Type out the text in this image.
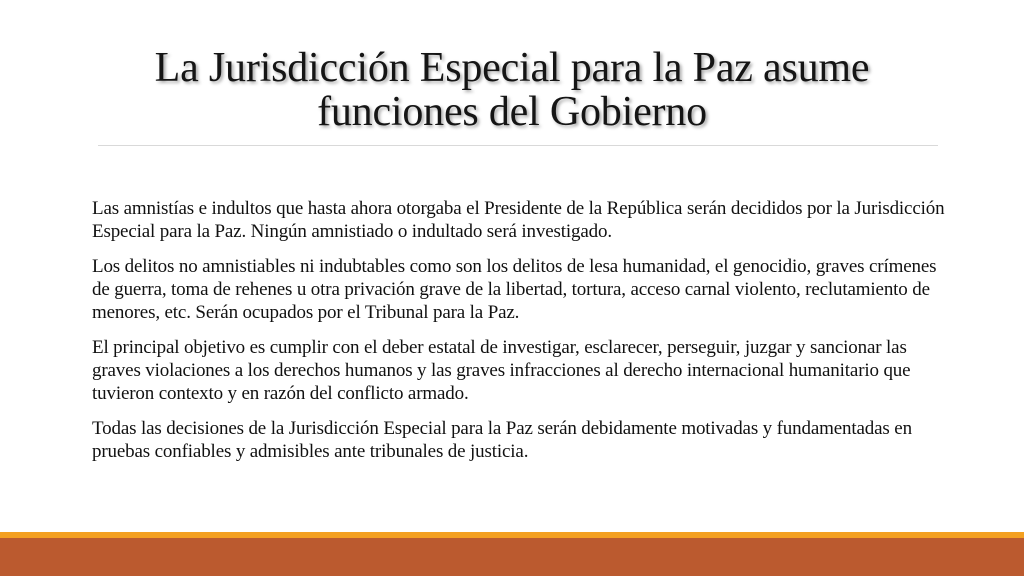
La Jurisdicción Especial para la Paz asume
funciones del Gobierno

Las amnistías e indultos que hasta ahora otorgaba el Presidente de la República serán decididos por la Jurisdicción Especial para la Paz. Ningún amnistiado o indultado será investigado.

Los delitos no amnistiables ni indubtables como son los delitos de lesa humanidad, el genocidio, graves crímenes de guerra, toma de rehenes u otra privación grave de la libertad, tortura, acceso carnal violento, reclutamiento de menores, etc. Serán ocupados por el Tribunal para la Paz.

El principal objetivo es cumplir con el deber estatal de investigar, esclarecer, perseguir, juzgar y sancionar las graves violaciones a los derechos humanos y las graves infracciones al derecho internacional humanitario que tuvieron contexto y en razón del conflicto armado.

Todas las decisiones de la Jurisdicción Especial para la Paz serán debidamente motivadas y fundamentadas en pruebas confiables y admisibles ante tribunales de justicia.
